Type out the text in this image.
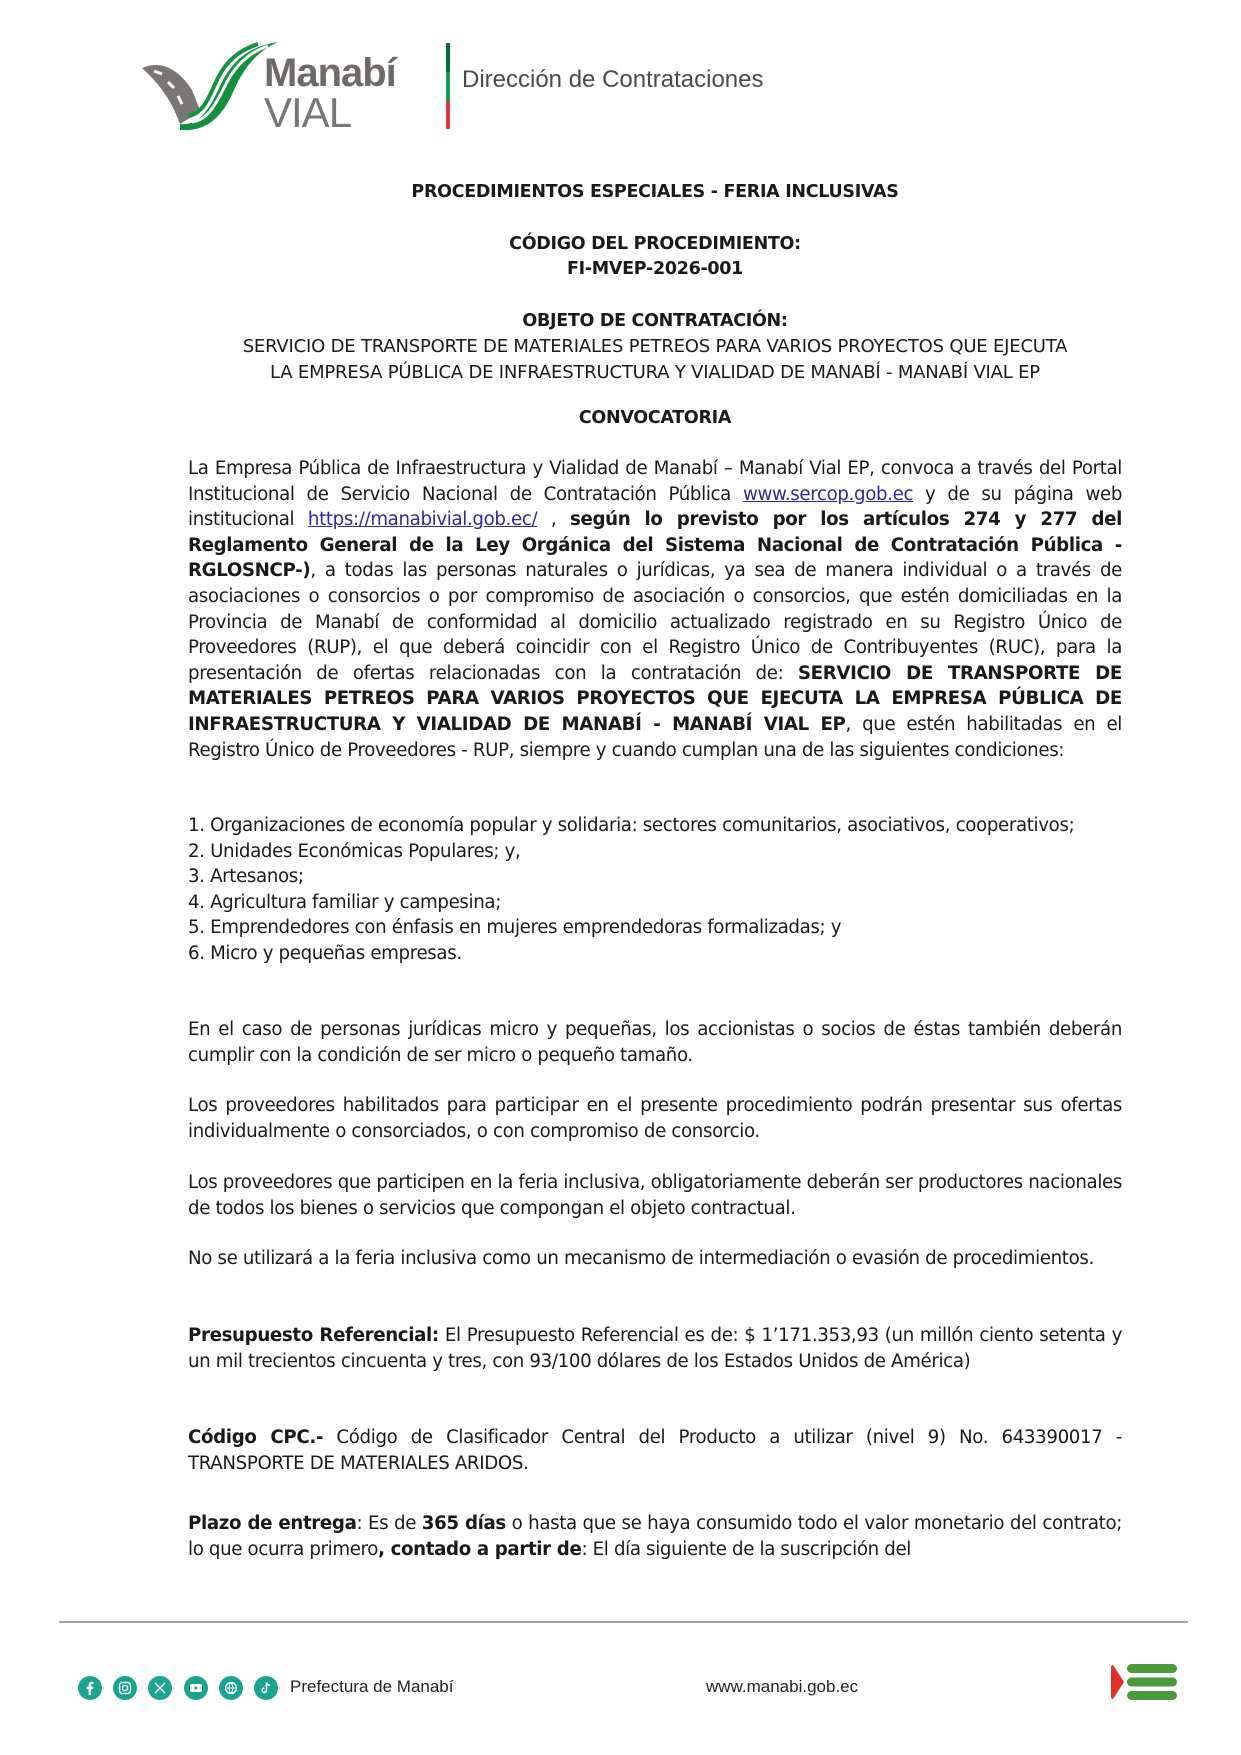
Manabí
VIAL
Dirección de Contrataciones
PROCEDIMIENTOS ESPECIALES - FERIA INCLUSIVAS
CÓDIGO DEL PROCEDIMIENTO:
FI-MVEP-2026-001
OBJETO DE CONTRATACIÓN:
SERVICIO DE TRANSPORTE DE MATERIALES PETREOS PARA VARIOS PROYECTOS QUE EJECUTA
LA EMPRESA PÚBLICA DE INFRAESTRUCTURA Y VIALIDAD DE MANABÍ - MANABÍ VIAL EP
CONVOCATORIA
La Empresa Pública de Infraestructura y Vialidad de Manabí – Manabí Vial EP, convoca a través del Portal Institucional de Servicio Nacional de Contratación Pública www.sercop.gob.ec y de su página web institucional https://manabivial.gob.ec/ , según lo previsto por los artículos 274 y 277 del Reglamento General de la Ley Orgánica del Sistema Nacional de Contratación Pública - RGLOSNCP-), a todas las personas naturales o jurídicas, ya sea de manera individual o a través de asociaciones o consorcios o por compromiso de asociación o consorcios, que estén domiciliadas en la Provincia de Manabí de conformidad al domicilio actualizado registrado en su Registro Único de Proveedores (RUP), el que deberá coincidir con el Registro Único de Contribuyentes (RUC), para la presentación de ofertas relacionadas con la contratación de: SERVICIO DE TRANSPORTE DE MATERIALES PETREOS PARA VARIOS PROYECTOS QUE EJECUTA LA EMPRESA PÚBLICA DE INFRAESTRUCTURA Y VIALIDAD DE MANABÍ - MANABÍ VIAL EP, que estén habilitadas en el Registro Único de Proveedores - RUP, siempre y cuando cumplan una de las siguientes condiciones:
1. Organizaciones de economía popular y solidaria: sectores comunitarios, asociativos, cooperativos;
2. Unidades Económicas Populares; y,
3. Artesanos;
4. Agricultura familiar y campesina;
5. Emprendedores con énfasis en mujeres emprendedoras formalizadas; y
6. Micro y pequeñas empresas.
En el caso de personas jurídicas micro y pequeñas, los accionistas o socios de éstas también deberán cumplir con la condición de ser micro o pequeño tamaño.
Los proveedores habilitados para participar en el presente procedimiento podrán presentar sus ofertas individualmente o consorciados, o con compromiso de consorcio.
Los proveedores que participen en la feria inclusiva, obligatoriamente deberán ser productores nacionales de todos los bienes o servicios que compongan el objeto contractual.
No se utilizará a la feria inclusiva como un mecanismo de intermediación o evasión de procedimientos.
Presupuesto Referencial: El Presupuesto Referencial es de: $ 1’171.353,93 (un millón ciento setenta y un mil trecientos cincuenta y tres, con 93/100 dólares de los Estados Unidos de América)
Código CPC.- Código de Clasificador Central del Producto a utilizar (nivel 9) No. 643390017 - TRANSPORTE DE MATERIALES ARIDOS.
Plazo de entrega: Es de 365 días o hasta que se haya consumido todo el valor monetario del contrato; lo que ocurra primero, contado a partir de: El día siguiente de la suscripción del
Prefectura de Manabí	www.manabi.gob.ec
